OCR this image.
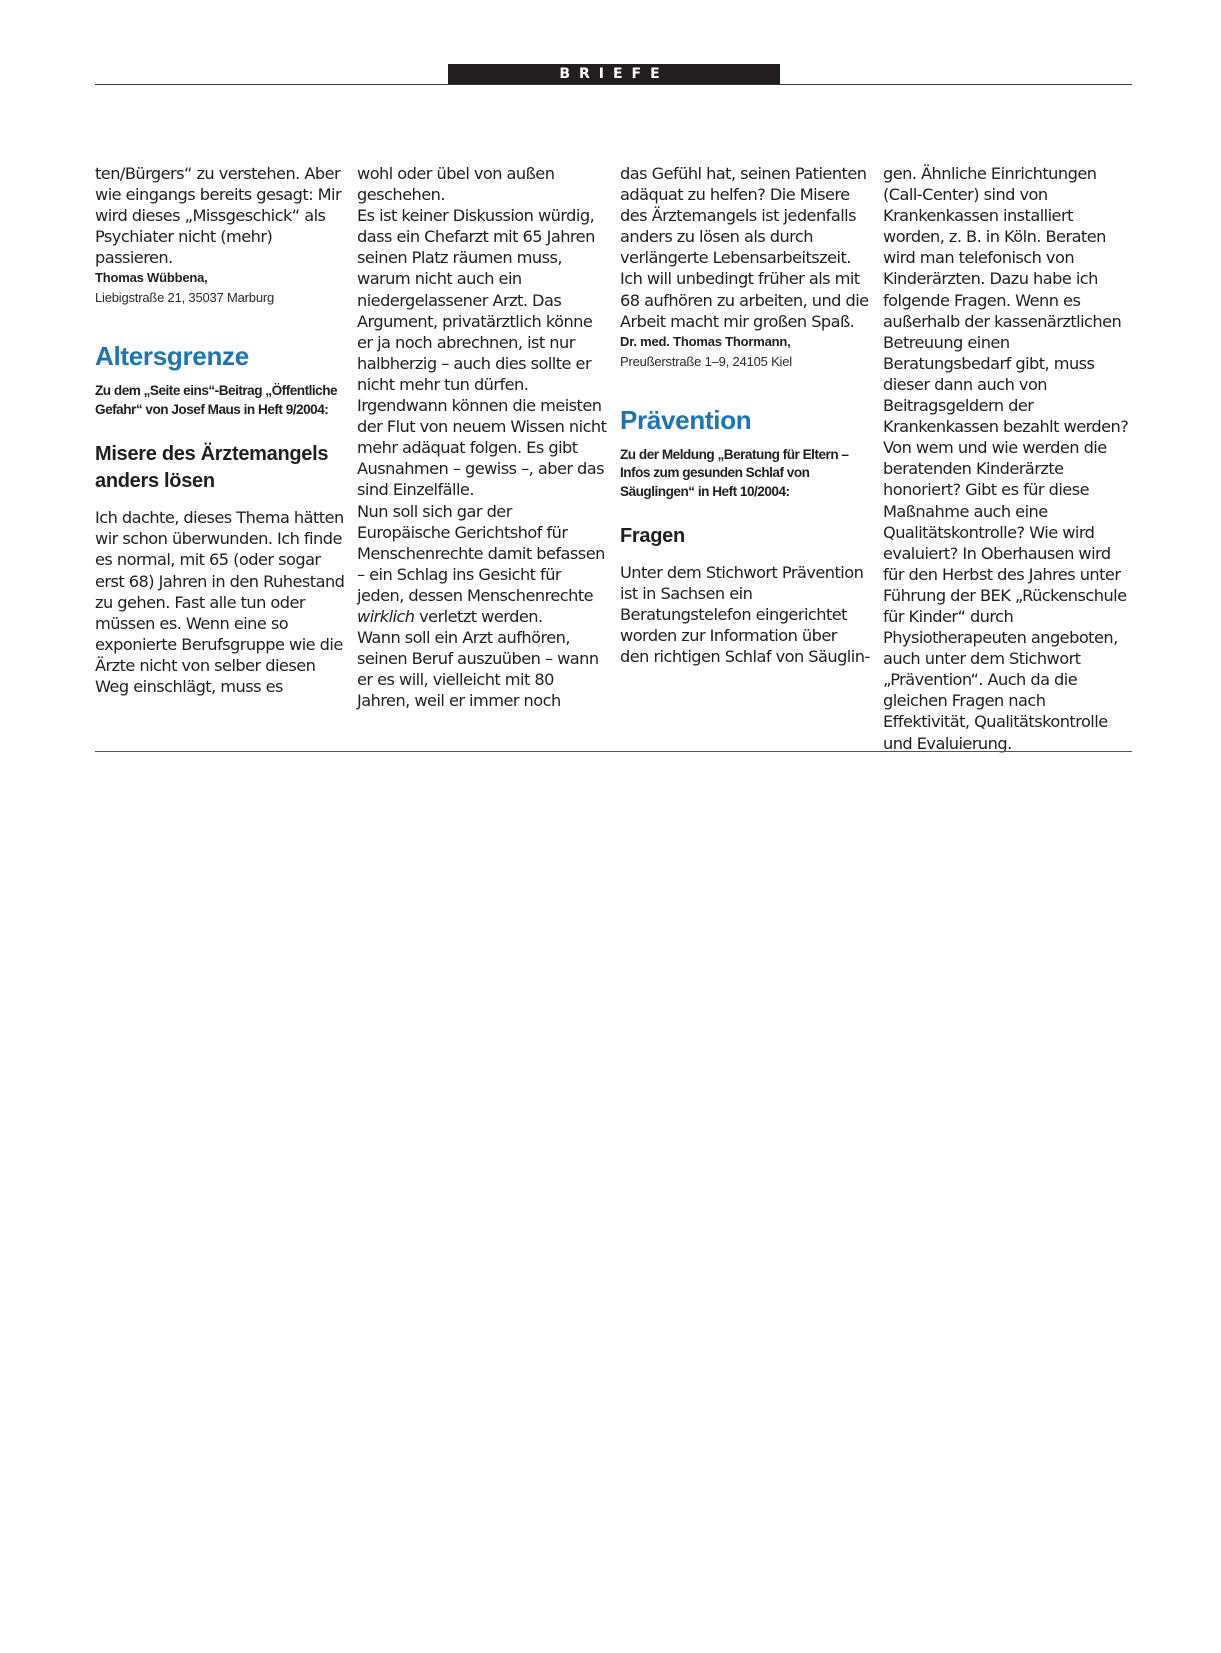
BRIEFE

ten/Bürgers“ zu verstehen. Aber wie eingangs bereits gesagt: Mir wird dieses „Missgeschick“ als Psychiater nicht (mehr) passieren.

Thomas Wübbena,

Liebigstraße 21, 35037 Marburg

Altersgrenze

Zu dem „Seite eins“-Beitrag „Öffentliche Gefahr“ von Josef Maus in Heft 9/2004:

Misere des Ärztemangels anders lösen

Ich dachte, dieses Thema hätten wir schon überwunden. Ich finde es normal, mit 65 (oder sogar erst 68) Jahren in den Ruhestand zu gehen. Fast alle tun oder müssen es. Wenn eine so exponierte Berufsgruppe wie die Ärzte nicht von selber diesen Weg einschlägt, muss es

wohl oder übel von außen geschehen.

Es ist keiner Diskussion würdig, dass ein Chefarzt mit 65 Jahren seinen Platz räumen muss, warum nicht auch ein niedergelassener Arzt. Das Argument, privatärztlich könne er ja noch abrechnen, ist nur halbherzig – auch dies sollte er nicht mehr tun dürfen. Irgendwann können die meisten der Flut von neuem Wissen nicht mehr adäquat folgen. Es gibt Ausnahmen – gewiss –, aber das sind Einzelfälle.

Nun soll sich gar der Europäische Gerichtshof für Menschenrechte damit befassen – ein Schlag ins Gesicht für jeden, dessen Menschenrechte wirklich verletzt werden.

Wann soll ein Arzt aufhören, seinen Beruf auszuüben – wann er es will, vielleicht mit 80 Jahren, weil er immer noch

das Gefühl hat, seinen Patienten adäquat zu helfen? Die Misere des Ärztemangels ist jedenfalls anders zu lösen als durch verlängerte Lebensarbeitszeit.

Ich will unbedingt früher als mit 68 aufhören zu arbeiten, und die Arbeit macht mir großen Spaß.

Dr. med. Thomas Thormann,

Preußerstraße 1–9, 24105 Kiel

Prävention

Zu der Meldung „Beratung für Eltern – Infos zum gesunden Schlaf von Säuglingen“ in Heft 10/2004:

Fragen

Unter dem Stichwort Prävention ist in Sachsen ein Beratungstelefon eingerichtet worden zur Information über den richtigen Schlaf von Säuglin-

gen. Ähnliche Einrichtungen (Call-Center) sind von Krankenkassen installiert worden, z. B. in Köln. Beraten wird man telefonisch von Kinderärzten. Dazu habe ich folgende Fragen. Wenn es außerhalb der kassenärztlichen Betreuung einen Beratungsbedarf gibt, muss dieser dann auch von Beitragsgeldern der Krankenkassen bezahlt werden? Von wem und wie werden die beratenden Kinderärzte honoriert? Gibt es für diese Maßnahme auch eine Qualitätskontrolle? Wie wird evaluiert? In Oberhausen wird für den Herbst des Jahres unter Führung der BEK „Rückenschule für Kinder“ durch Physiotherapeuten angeboten, auch unter dem Stichwort „Prävention“. Auch da die gleichen Fragen nach Effektivität, Qualitätskontrolle und Evaluierung.
